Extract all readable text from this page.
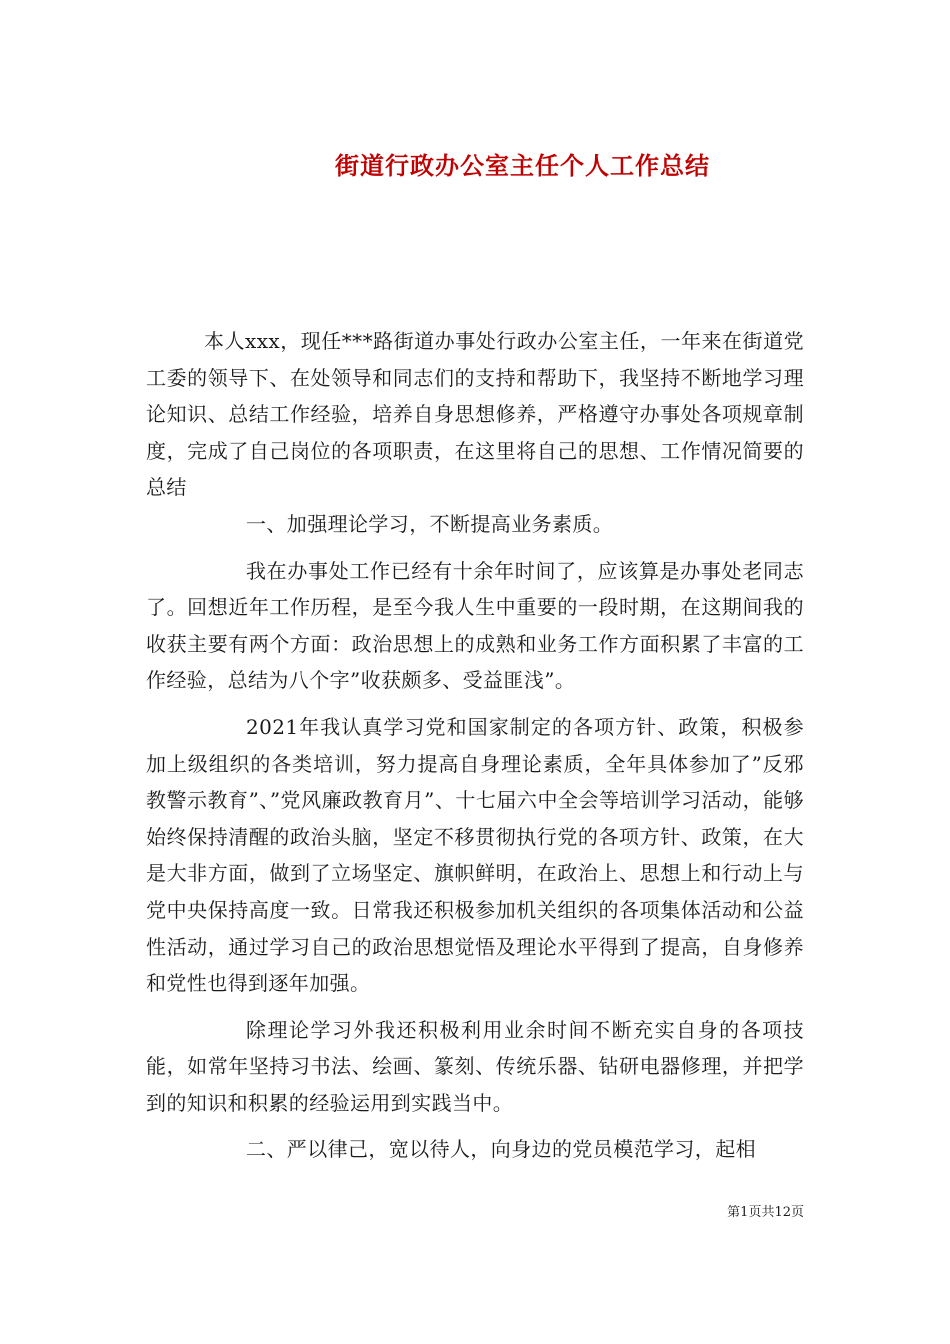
街道行政办公室主任个人工作总结

本人xxx，现任***路街道办事处行政办公室主任，一年来在街道党工委的领导下、在处领导和同志们的支持和帮助下，我坚持不断地学习理论知识、总结工作经验，培养自身思想修养，严格遵守办事处各项规章制度，完成了自己岗位的各项职责，在这里将自己的思想、工作情况简要的总结

一、加强理论学习，不断提高业务素质。

我在办事处工作已经有十余年时间了，应该算是办事处老同志了。回想近年工作历程，是至今我人生中重要的一段时期，在这期间我的收获主要有两个方面：政治思想上的成熟和业务工作方面积累了丰富的工作经验，总结为八个字”收获颇多、受益匪浅”。

2021年我认真学习党和国家制定的各项方针、政策，积极参加上级组织的各类培训，努力提高自身理论素质，全年具体参加了”反邪教警示教育”、”党风廉政教育月”、十七届六中全会等培训学习活动，能够始终保持清醒的政治头脑，坚定不移贯彻执行党的各项方针、政策，在大是大非方面，做到了立场坚定、旗帜鲜明，在政治上、思想上和行动上与党中央保持高度一致。日常我还积极参加机关组织的各项集体活动和公益性活动，通过学习自己的政治思想觉悟及理论水平得到了提高，自身修养和党性也得到逐年加强。

除理论学习外我还积极利用业余时间不断充实自身的各项技能，如常年坚持习书法、绘画、篆刻、传统乐器、钻研电器修理，并把学到的知识和积累的经验运用到实践当中。

二、严以律己，宽以待人，向身边的党员模范学习，起相

第1页共12页
